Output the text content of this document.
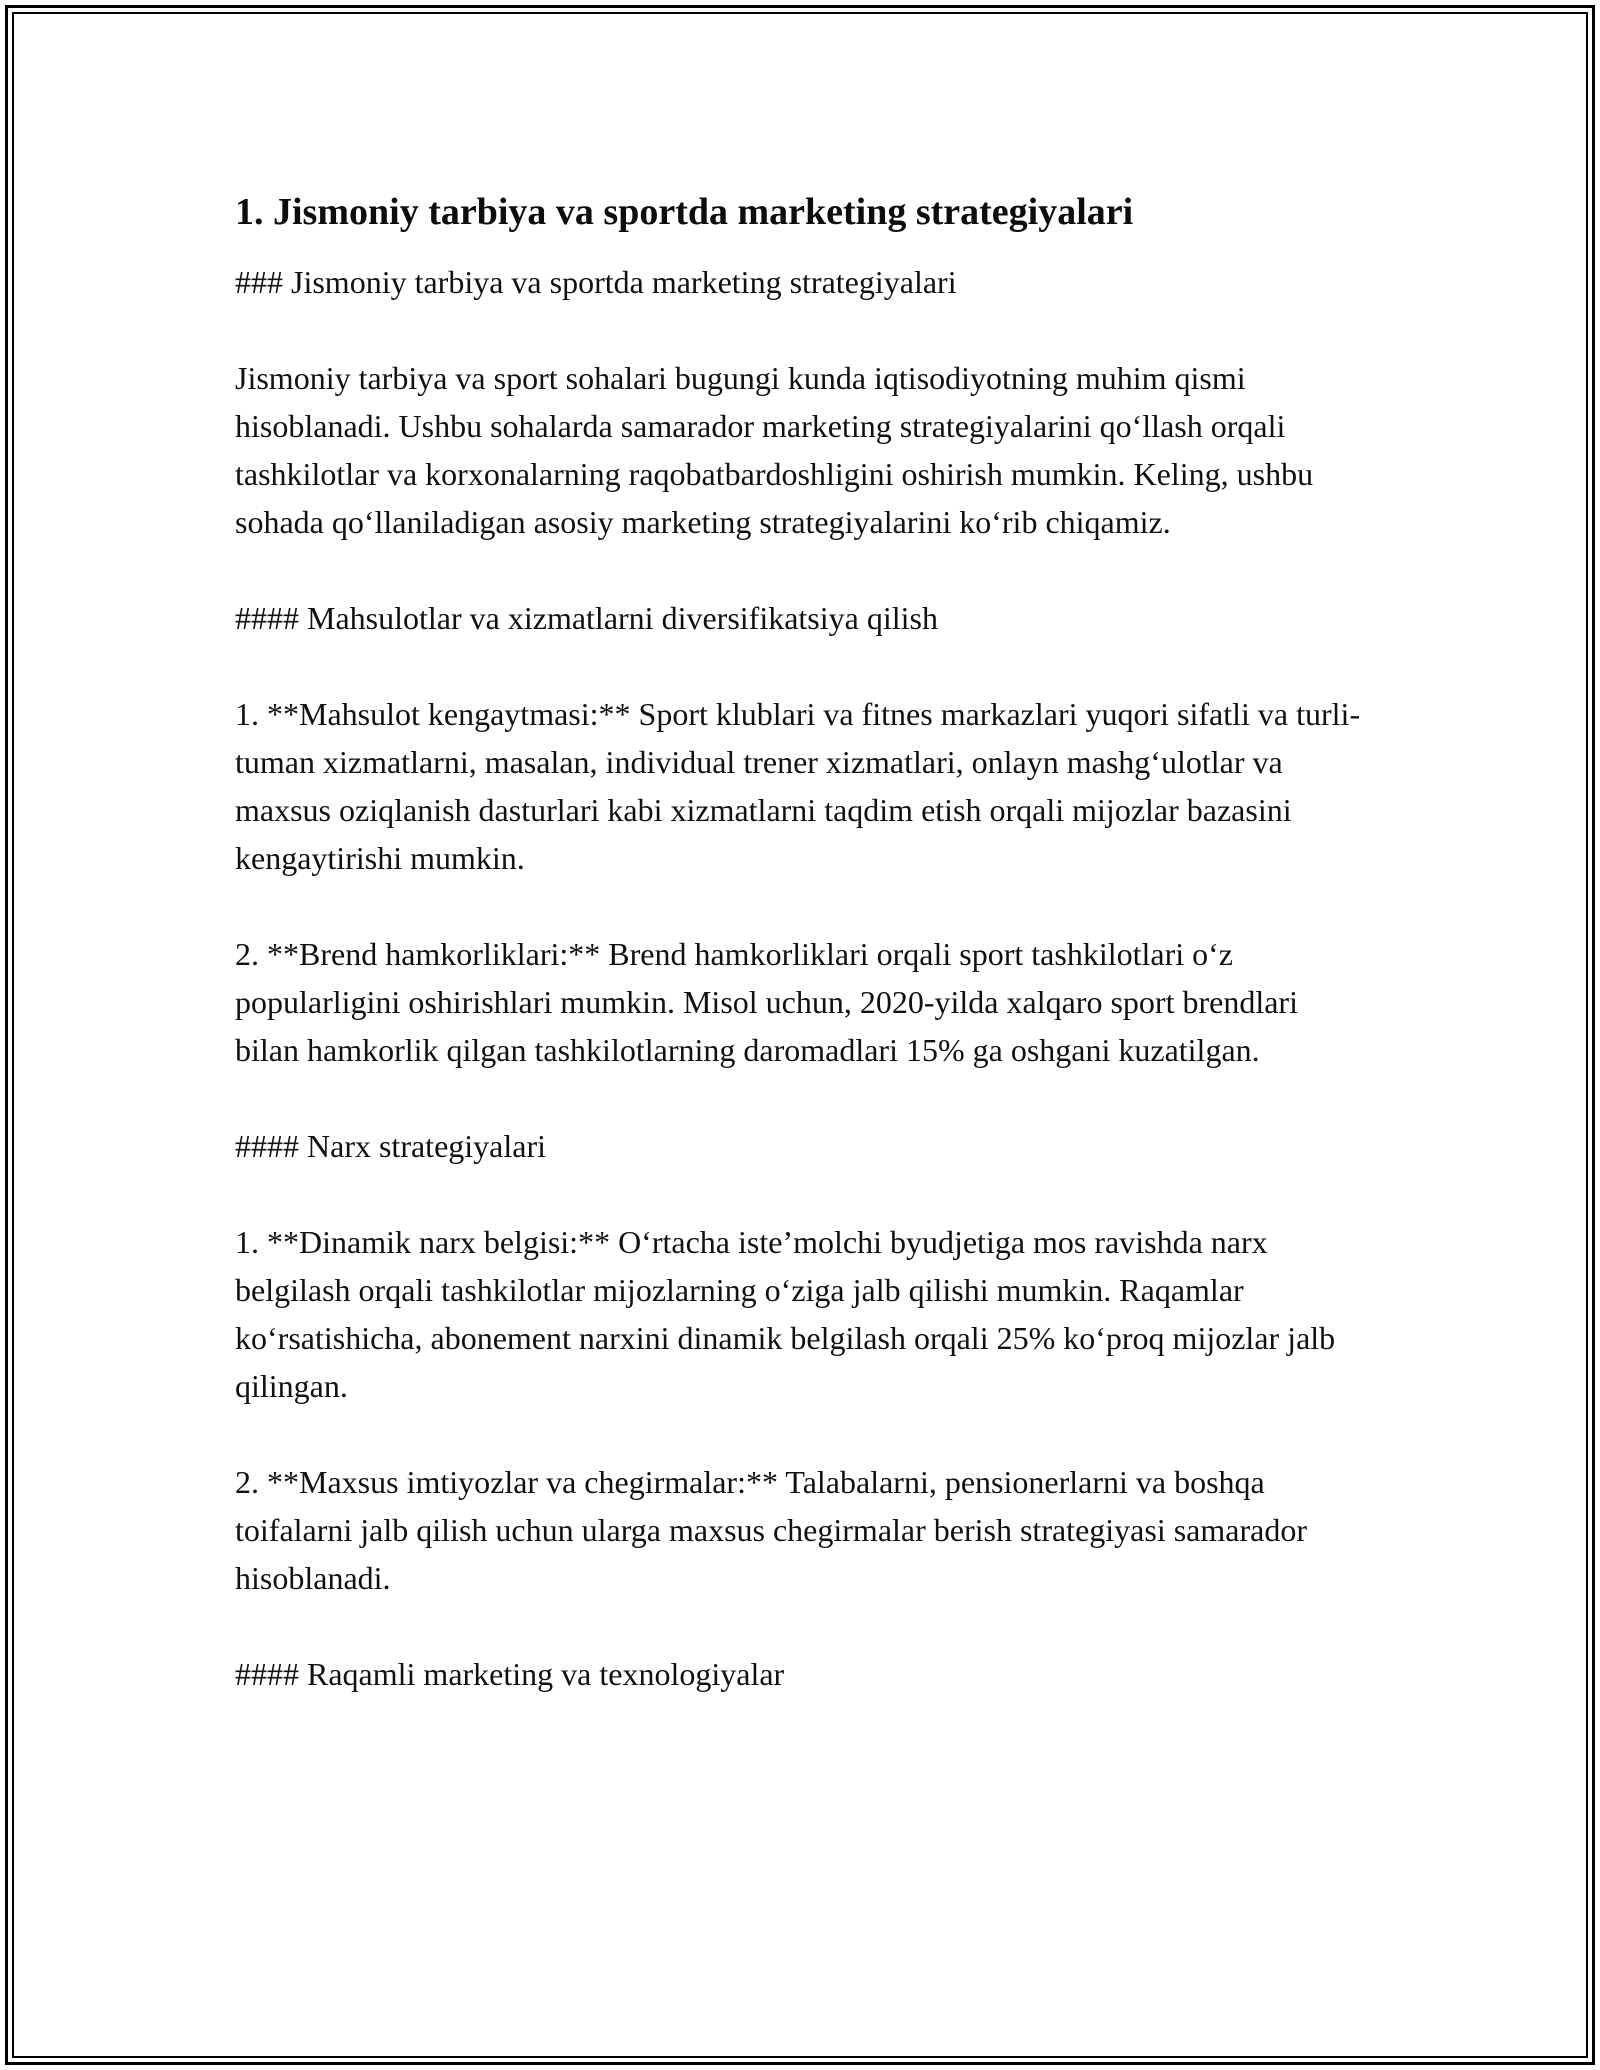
1. Jismoniy tarbiya va sportda marketing strategiyalari

### Jismoniy tarbiya va sportda marketing strategiyalari

Jismoniy tarbiya va sport sohalari bugungi kunda iqtisodiyotning muhim qismi hisoblanadi. Ushbu sohalarda samarador marketing strategiyalarini qo‘llash orqali tashkilotlar va korxonalarning raqobatbardoshligini oshirish mumkin. Keling, ushbu sohada qo‘llaniladigan asosiy marketing strategiyalarini ko‘rib chiqamiz.

#### Mahsulotlar va xizmatlarni diversifikatsiya qilish

1. **Mahsulot kengaytmasi:** Sport klublari va fitnes markazlari yuqori sifatli va turli-tuman xizmatlarni, masalan, individual trener xizmatlari, onlayn mashg‘ulotlar va maxsus oziqlanish dasturlari kabi xizmatlarni taqdim etish orqali mijozlar bazasini kengaytirishi mumkin.

2. **Brend hamkorliklari:** Brend hamkorliklari orqali sport tashkilotlari o‘z popularligini oshirishlari mumkin. Misol uchun, 2020-yilda xalqaro sport brendlari bilan hamkorlik qilgan tashkilotlarning daromadlari 15% ga oshgani kuzatilgan.

#### Narx strategiyalari

1. **Dinamik narx belgisi:** O‘rtacha iste’molchi byudjetiga mos ravishda narx belgilash orqali tashkilotlar mijozlarning o‘ziga jalb qilishi mumkin. Raqamlar ko‘rsatishicha, abonement narxini dinamik belgilash orqali 25% ko‘proq mijozlar jalb qilingan.

2. **Maxsus imtiyozlar va chegirmalar:** Talabalarni, pensionerlarni va boshqa toifalarni jalb qilish uchun ularga maxsus chegirmalar berish strategiyasi samarador hisoblanadi.

#### Raqamli marketing va texnologiyalar
